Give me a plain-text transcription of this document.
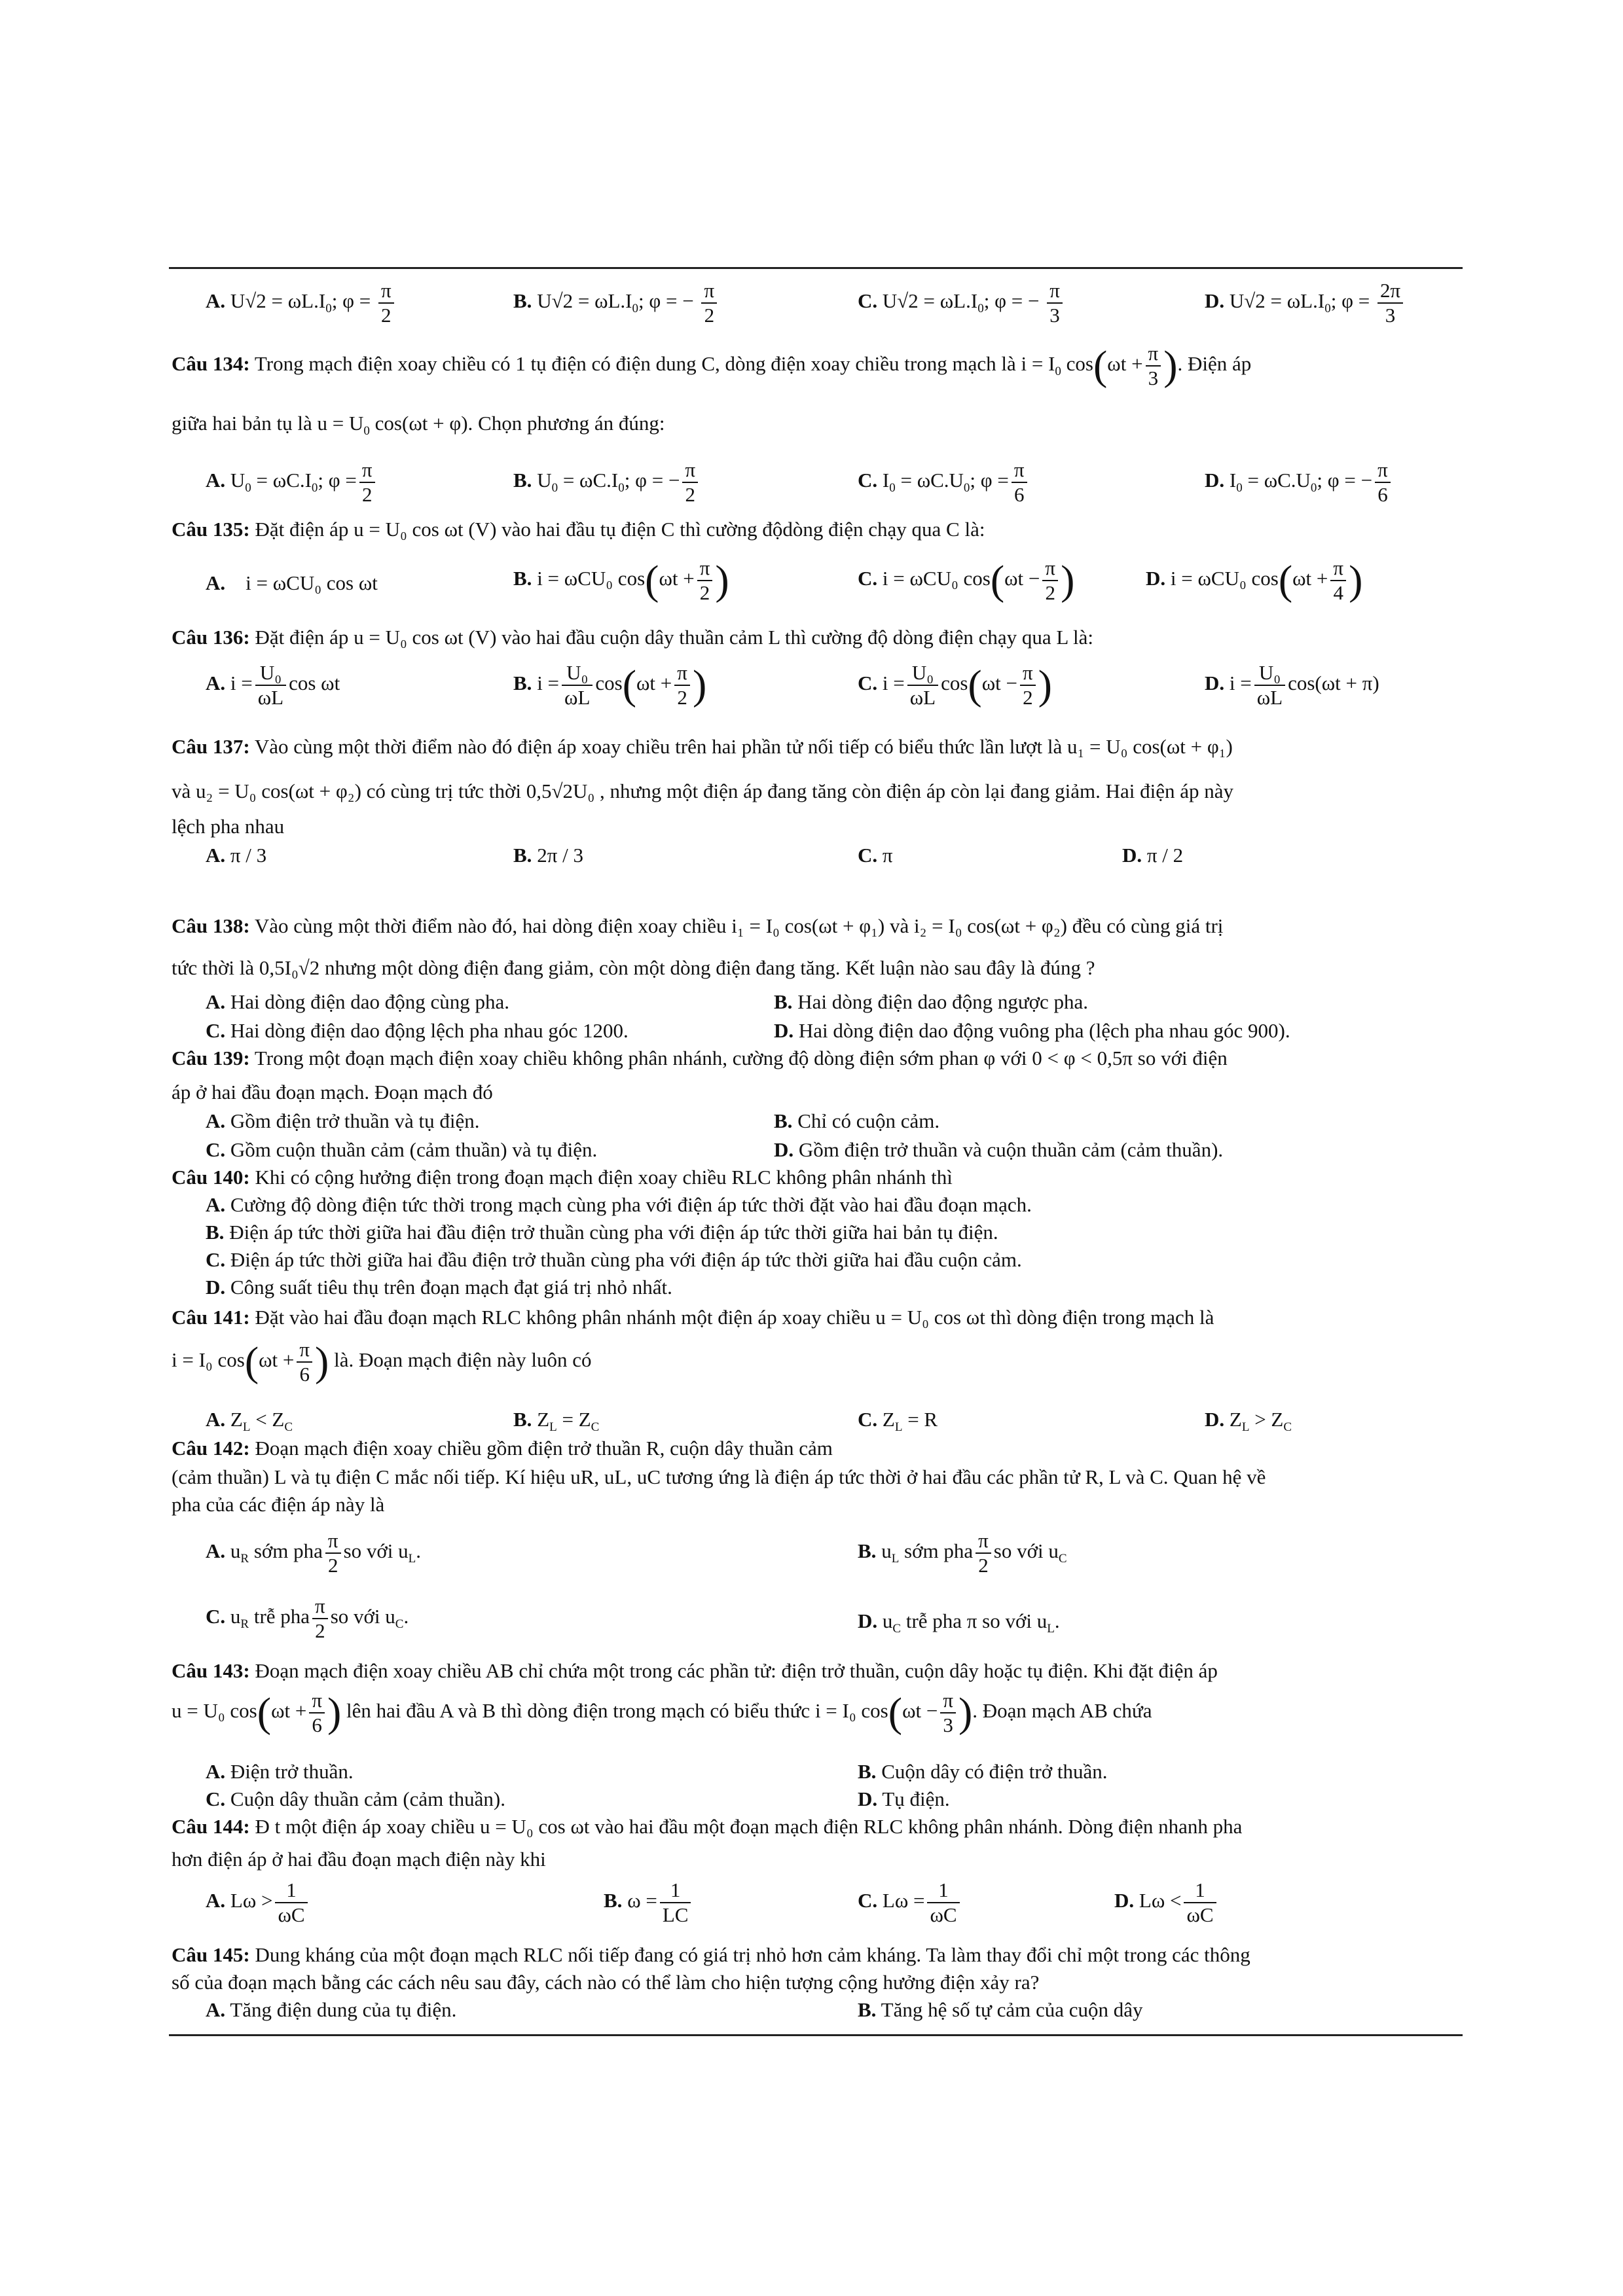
A. $U√2 = \omega L.I_0$; $\varphi = \frac{\pi}{2}$	B. $U√2 = \omega L.I_0$; φ = − $\frac{\pi}{2}$	C. $U√2 = \omega L.I_0$; φ = − $\frac{\pi}{3}$	D. $U√2 = \omega L.I_0$; $\varphi = \frac{2\pi}{3}$
Câu 134: Trong mạch điện xoay chiều có 1 tụ điện có điện dung C, dòng điện xoay chiều trong mạch là $i = I_0$ $\cos(\omega t + \frac{\pi}{3}$ ). Điện áp
giữa hai bản tụ là $u = U_0$ cos(ωt + φ). Chọn phương án đúng:
A. $U_0 = \omega C.I_0$; $\varphi = \frac{\pi}{2}$	B. $U_0 = \omega C.I_0$; φ = − $\frac{\pi}{2}$	C. $I_0 = \omega C.U_0$; $\varphi = \frac{\pi}{6}$	D. $I_0 = \omega C.U_0$; φ = − $\frac{\pi}{6}$
Câu 135: Đặt điện áp u = U₀ cos ωt (V) vào hai đầu tụ điện C thì cường độdòng điện chạy qua C là:
A. i = ωCU₀ cos ωt	B. i = ωCU₀ $\cos(\omega t + \frac{\pi}{2}$ )	C. i = ωCU₀ $\cos(\omega t - \frac{\pi}{2}$ )	D. i = ωCU₀ $\cos(\omega t + \frac{\pi}{4}$ )
Câu 136: Đặt điện áp u = U₀ cos ωt (V) vào hai đầu cuộn dây thuần cảm L thì cường độ dòng điện chạy qua L là:
A. $i = \frac{\text{U₀}}{\omega L}$ cos ωt	B. $i = \frac{\text{U₀}}{\omega L} \cos(\omega t + \frac{\pi}{2}$ )	C. $i = \frac{\text{U₀}}{\omega L} \cos(\omega t - \frac{\pi}{2}$ )	D. $i = \frac{\text{U₀}}{\omega L} \cos(\omega t + \pi)$
Câu 137: Vào cùng một thời điểm nào đó điện áp xoay chiều trên hai phần tử nối tiếp có biểu thức lần lượt là u₁ = U₀ cos(ωt + φ₁)
và u₂ = U₀ cos(ωt + φ₂) có cùng trị tức thời 0,5√2U₀ , nhưng một điện áp đang tăng còn điện áp còn lại đang giảm. Hai điện áp này
lệch pha nhau
A. π / 3	B. 2π / 3	C. π	D. π / 2
Câu 138: Vào cùng một thời điểm nào đó, hai dòng điện xoay chiều i₁ = I₀ cos(ωt + φ₁) và i₂ = I₀ cos(ωt + φ₂) đều có cùng giá trị
tức thời là 0,5I₀√2 nhưng một dòng điện đang giảm, còn một dòng điện đang tăng. Kết luận nào sau đây là đúng ?
A. Hai dòng điện dao động cùng pha.	B. Hai dòng điện dao động ngược pha.
C. Hai dòng điện dao động lệch pha nhau góc 1200.	D. Hai dòng điện dao động vuông pha (lệch pha nhau góc 900).
Câu 139: Trong một đoạn mạch điện xoay chiều không phân nhánh, cường độ dòng điện sớm phan φ với 0 < φ < 0,5π so với điện
áp ở hai đầu đoạn mạch. Đoạn mạch đó
A. Gồm điện trở thuần và tụ điện.	B. Chỉ có cuộn cảm.
C. Gồm cuộn thuần cảm (cảm thuần) và tụ điện.	D. Gồm điện trở thuần và cuộn thuần cảm (cảm thuần).
Câu 140: Khi có cộng hưởng điện trong đoạn mạch điện xoay chiều RLC không phân nhánh thì
A. Cường độ dòng điện tức thời trong mạch cùng pha với điện áp tức thời đặt vào hai đầu đoạn mạch.
B. Điện áp tức thời giữa hai đầu điện trở thuần cùng pha với điện áp tức thời giữa hai bản tụ điện.
C. Điện áp tức thời giữa hai đầu điện trở thuần cùng pha với điện áp tức thời giữa hai đầu cuộn cảm.
D. Công suất tiêu thụ trên đoạn mạch đạt giá trị nhỏ nhất.
Câu 141: Đặt vào hai đầu đoạn mạch RLC không phân nhánh một điện áp xoay chiều u = U₀ cos ωt thì dòng điện trong mạch là
i = I₀ $\cos(\omega t + \frac{\pi}{6}$ ) là. Đoạn mạch điện này luôn có
A. $Z_L < Z_C$	B. $Z_L = Z_C$	C. $Z_L = R$	D. $Z_L > Z_C$
Câu 142: Đoạn mạch điện xoay chiều gồm điện trở thuần R, cuộn dây thuần cảm
(cảm thuần) L và tụ điện C mắc nối tiếp. Kí hiệu uR, uL, uC tương ứng là điện áp tức thời ở hai đầu các phần tử R, L và C. Quan hệ về
pha của các điện áp này là
A. $u_R$ sớm pha $\frac{\pi}{2}$ so với $u_L$.	B. $u_L$ sớm pha $\frac{\pi}{2}$ so với $u_C$
C. $u_R$ trễ pha $\frac{\pi}{2}$ so với $u_C$.	D. $u_C$ trễ pha π so với $u_L$.
Câu 143: Đoạn mạch điện xoay chiều AB chỉ chứa một trong các phần tử: điện trở thuần, cuộn dây hoặc tụ điện. Khi đặt điện áp
u = U₀ $\cos(\omega t + \frac{\pi}{6}$ ) lên hai đầu A và B thì dòng điện trong mạch có biểu thức i = I₀ $\cos(\omega t - \frac{\pi}{3}$ ). Đoạn mạch AB chứa
A. Điện trở thuần.	B. Cuộn dây có điện trở thuần.
C. Cuộn dây thuần cảm (cảm thuần).	D. Tụ điện.
Câu 144: Đ t một điện áp xoay chiều u = U₀ cos ωt vào hai đầu một đoạn mạch điện RLC không phân nhánh. Dòng điện nhanh pha
hơn điện áp ở hai đầu đoạn mạch điện này khi
A. $L\omega > \frac{1}{\omega C}$	B. $\omega = \frac{1}{LC}$	C. $L\omega = \frac{1}{\omega C}$	D. $L\omega < \frac{1}{\omega C}$
Câu 145: Dung kháng của một đoạn mạch RLC nối tiếp đang có giá trị nhỏ hơn cảm kháng. Ta làm thay đổi chỉ một trong các thông
số của đoạn mạch bằng các cách nêu sau đây, cách nào có thể làm cho hiện tượng cộng hưởng điện xảy ra?
A. Tăng điện dung của tụ điện.	B. Tăng hệ số tự cảm của cuộn dây
